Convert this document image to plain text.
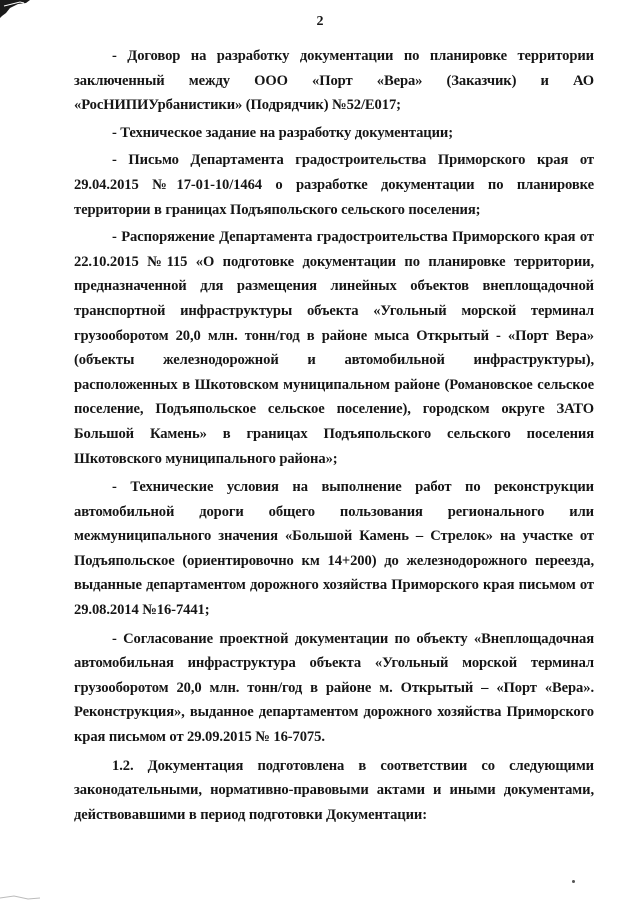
2

- Договор на разработку документации по планировке территории заключенный между ООО «Порт «Вера» (Заказчик) и АО «РосНИПИУрбанистики» (Подрядчик) №52/Е017;

- Техническое задание на разработку документации;

- Письмо Департамента градостроительства Приморского края от 29.04.2015 №17-01-10/1464 о разработке документации по планировке территории в границах Подъяпольского сельского поселения;

- Распоряжение Департамента градостроительства Приморского края от 22.10.2015 №115 «О подготовке документации по планировке территории, предназначенной для размещения линейных объектов внеплощадочной транспортной инфраструктуры объекта «Угольный морской терминал грузооборотом 20,0 млн. тонн/год в районе мыса Открытый - «Порт Вера» (объекты железнодорожной и автомобильной инфраструктуры), расположенных в Шкотовском муниципальном районе (Романовское сельское поселение, Подъяпольское сельское поселение), городском округе ЗАТО Большой Камень» в границах Подъяпольского сельского поселения Шкотовского муниципального района»;

- Технические условия на выполнение работ по реконструкции автомобильной дороги общего пользования регионального или межмуниципального значения «Большой Камень – Стрелок» на участке от Подъяпольское (ориентировочно км 14+200) до железнодорожного переезда, выданные департаментом дорожного хозяйства Приморского края письмом от 29.08.2014 №16-7441;

- Согласование проектной документации по объекту «Внеплощадочная автомобильная инфраструктура объекта «Угольный морской терминал грузооборотом 20,0 млн. тонн/год в районе м. Открытый – «Порт «Вера». Реконструкция», выданное департаментом дорожного хозяйства Приморского края письмом от 29.09.2015 № 16-7075.

1.2. Документация подготовлена в соответствии со следующими законодательными, нормативно-правовыми актами и иными документами, действовавшими в период подготовки Документации:
